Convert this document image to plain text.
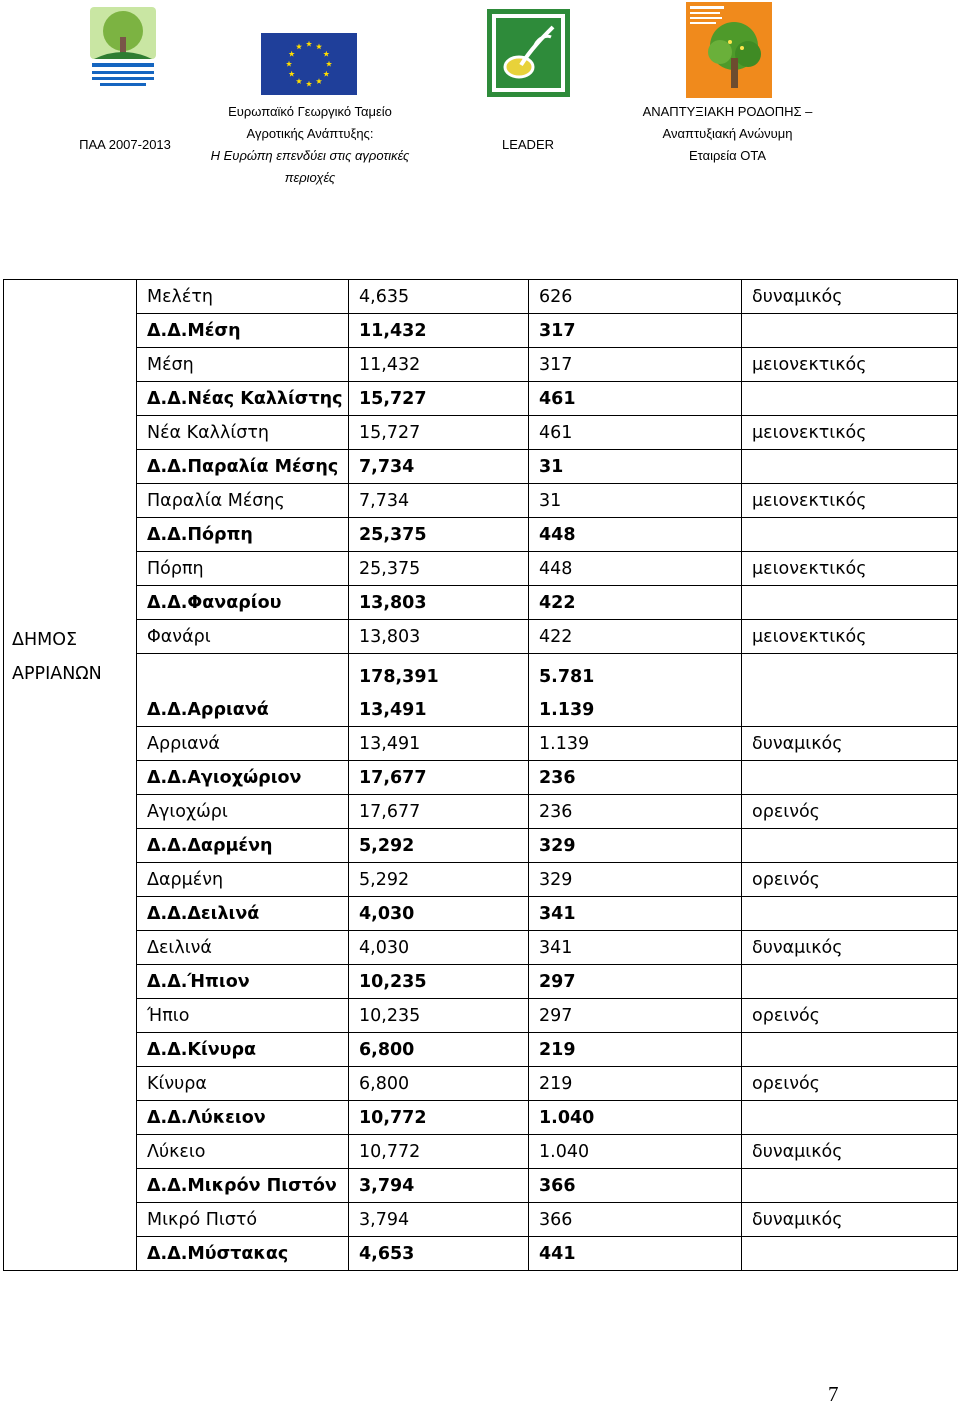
ΠΑΑ 2007-2013
Ευρωπαϊκό Γεωργικό Ταμείο
Αγροτικής Ανάπτυξης:
Η Ευρώπη επενδύει στις αγροτικές
περιοχές
LEADER
ΑΝΑΠΤΥΞΙΑΚΗ ΡΟΔΟΠΗΣ –
Αναπτυξιακή Ανώνυμη
Εταιρεία ΟΤΑ
ΔΗΜΟΣ ΑΡΡΙΑΝΩΝ	Μελέτη	4,635	626	δυναμικός
	Δ.Δ.Μέση	11,432	317	
	Μέση	11,432	317	μειονεκτικός
	Δ.Δ.Νέας Καλλίστης	15,727	461	
	Νέα Καλλίστη	15,727	461	μειονεκτικός
	Δ.Δ.Παραλία Μέσης	7,734	31	
	Παραλία Μέσης	7,734	31	μειονεκτικός
	Δ.Δ.Πόρπη	25,375	448	
	Πόρπη	25,375	448	μειονεκτικός
	Δ.Δ.Φαναρίου	13,803	422	
	Φανάρι	13,803	422	μειονεκτικός
		178,391	5.781	
	Δ.Δ.Αρριανά	13,491	1.139	
	Αρριανά	13,491	1.139	δυναμικός
	Δ.Δ.Αγιοχώριον	17,677	236	
	Αγιοχώρι	17,677	236	ορεινός
	Δ.Δ.Δαρμένη	5,292	329	
	Δαρμένη	5,292	329	ορεινός
	Δ.Δ.Δειλινά	4,030	341	
	Δειλινά	4,030	341	δυναμικός
	Δ.Δ.Ήπιον	10,235	297	
	Ήπιο	10,235	297	ορεινός
	Δ.Δ.Κίνυρα	6,800	219	
	Κίνυρα	6,800	219	ορεινός
	Δ.Δ.Λύκειον	10,772	1.040	
	Λύκειο	10,772	1.040	δυναμικός
	Δ.Δ.Μικρόν Πιστόν	3,794	366	
	Μικρό Πιστό	3,794	366	δυναμικός
	Δ.Δ.Μύστακας	4,653	441	
7
